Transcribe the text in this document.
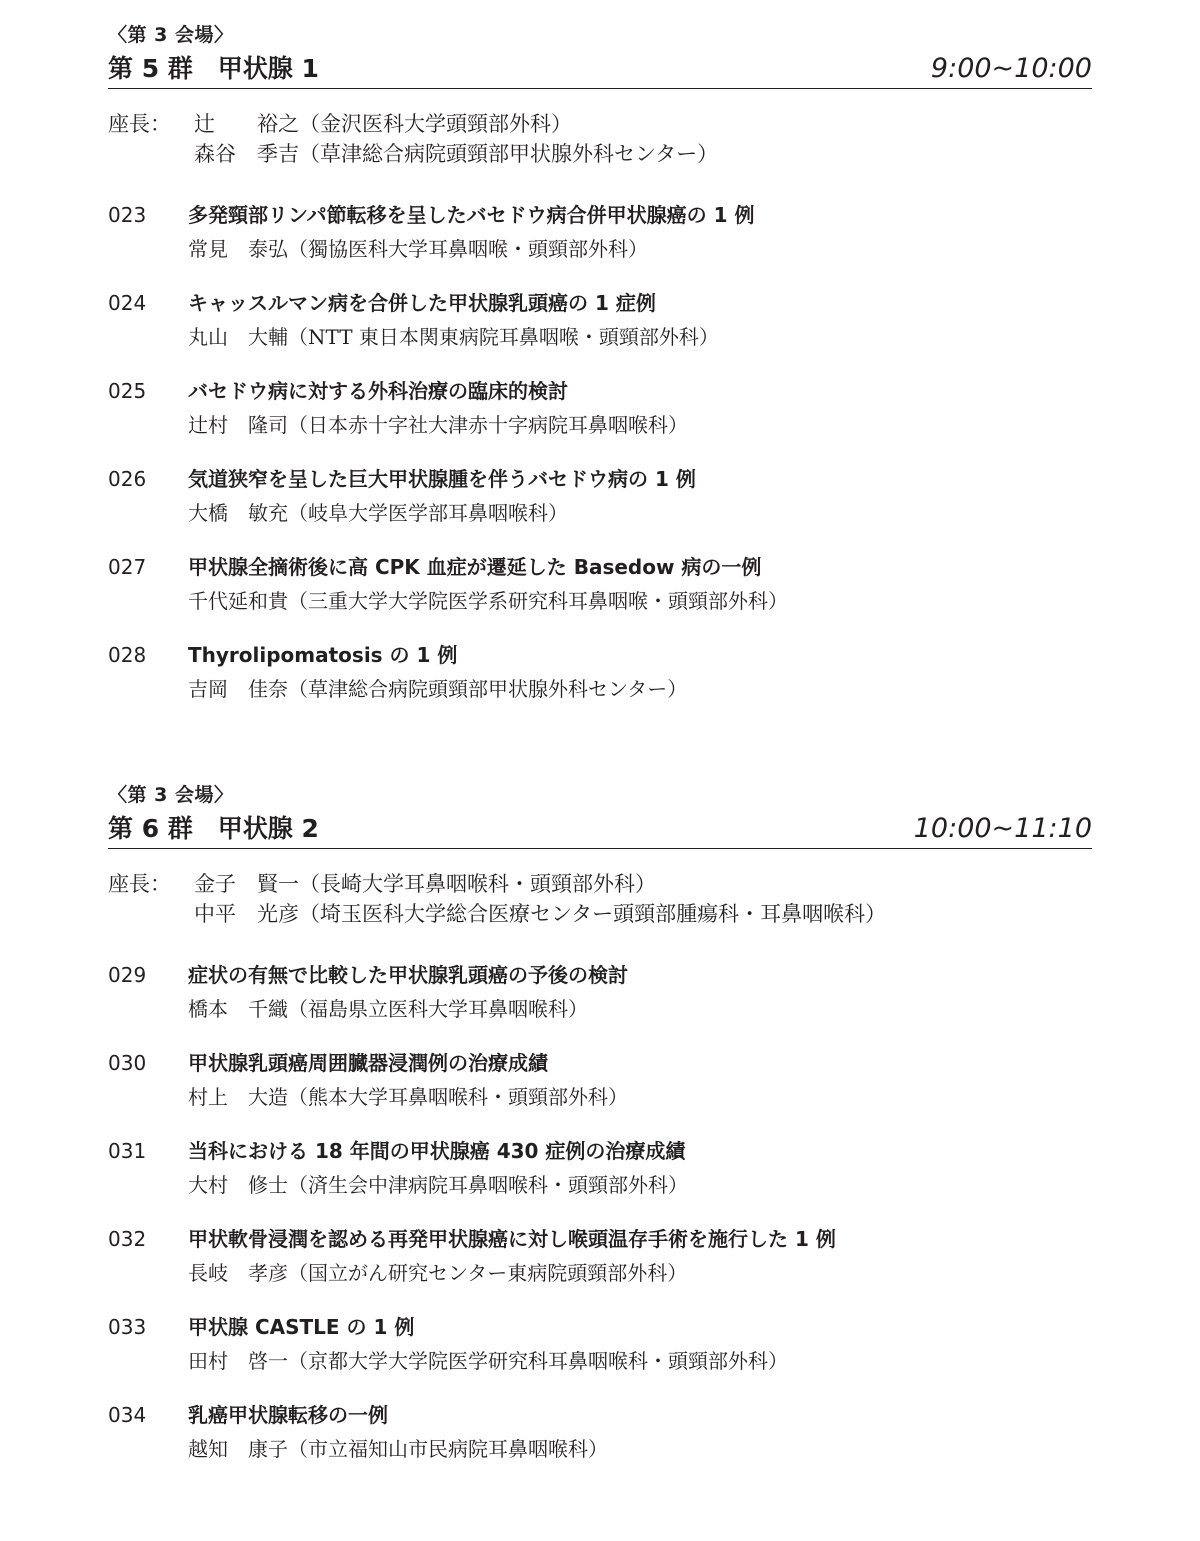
〈第 3 会場〉
第 5 群　甲状腺 1	9:00~10:00
座長：	辻　　裕之（金沢医科大学頭頸部外科）
森谷　季吉（草津総合病院頭頸部甲状腺外科センター）
023	多発頸部リンパ節転移を呈したバセドウ病合併甲状腺癌の 1 例
常見　泰弘（獨協医科大学耳鼻咽喉・頭頸部外科）
024	キャッスルマン病を合併した甲状腺乳頭癌の 1 症例
丸山　大輔（NTT 東日本関東病院耳鼻咽喉・頭頸部外科）
025	バセドウ病に対する外科治療の臨床的検討
辻村　隆司（日本赤十字社大津赤十字病院耳鼻咽喉科）
026	気道狭窄を呈した巨大甲状腺腫を伴うバセドウ病の 1 例
大橋　敏充（岐阜大学医学部耳鼻咽喉科）
027	甲状腺全摘術後に高 CPK 血症が遷延した Basedow 病の一例
千代延和貴（三重大学大学院医学系研究科耳鼻咽喉・頭頸部外科）
028	Thyrolipomatosis の 1 例
吉岡　佳奈（草津総合病院頭頸部甲状腺外科センター）
〈第 3 会場〉
第 6 群　甲状腺 2	10:00~11:10
座長：	金子　賢一（長崎大学耳鼻咽喉科・頭頸部外科）
中平　光彦（埼玉医科大学総合医療センター頭頸部腫瘍科・耳鼻咽喉科）
029	症状の有無で比較した甲状腺乳頭癌の予後の検討
橋本　千織（福島県立医科大学耳鼻咽喉科）
030	甲状腺乳頭癌周囲臓器浸潤例の治療成績
村上　大造（熊本大学耳鼻咽喉科・頭頸部外科）
031	当科における 18 年間の甲状腺癌 430 症例の治療成績
大村　修士（済生会中津病院耳鼻咽喉科・頭頸部外科）
032	甲状軟骨浸潤を認める再発甲状腺癌に対し喉頭温存手術を施行した 1 例
長岐　孝彦（国立がん研究センター東病院頭頸部外科）
033	甲状腺 CASTLE の 1 例
田村　啓一（京都大学大学院医学研究科耳鼻咽喉科・頭頸部外科）
034	乳癌甲状腺転移の一例
越知　康子（市立福知山市民病院耳鼻咽喉科）
